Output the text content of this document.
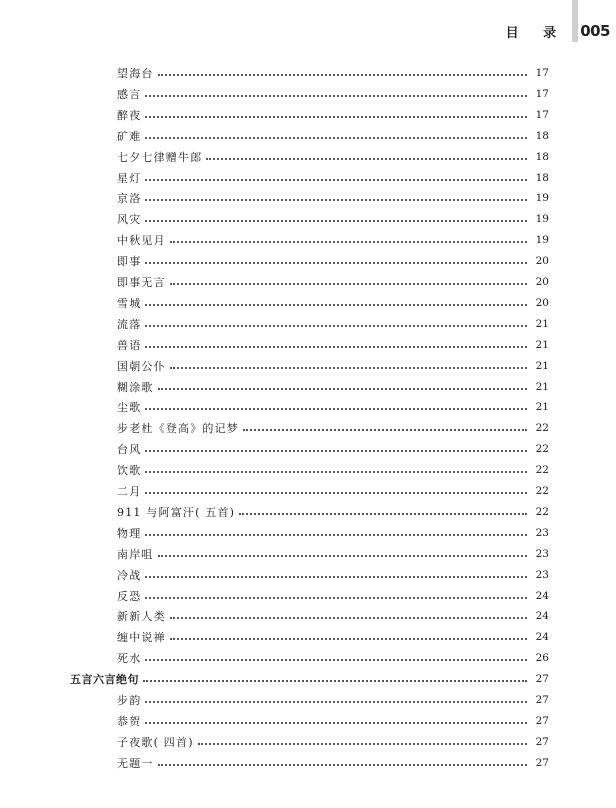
目 录 005
望海台	17
感言	17
醉夜	17
矿难	18
七夕七律赠牛郎	18
星灯	18
京洛	19
风灾	19
中秋见月	19
即事	20
即事无言	20
雪城	20
流落	21
兽语	21
国朝公仆	21
糊涂歌	21
尘歌	21
步老杜《登高》的记梦	22
台风	22
饮歌	22
二月	22
911 与阿富汗( 五首)	22
物理	23
南岸咀	23
冷战	23
反恐	24
新新人类	24
缠中说禅	24
死水	26
五言六言绝句	27
步韵	27
恭贺	27
子夜歌( 四首)	27
无题一	27
